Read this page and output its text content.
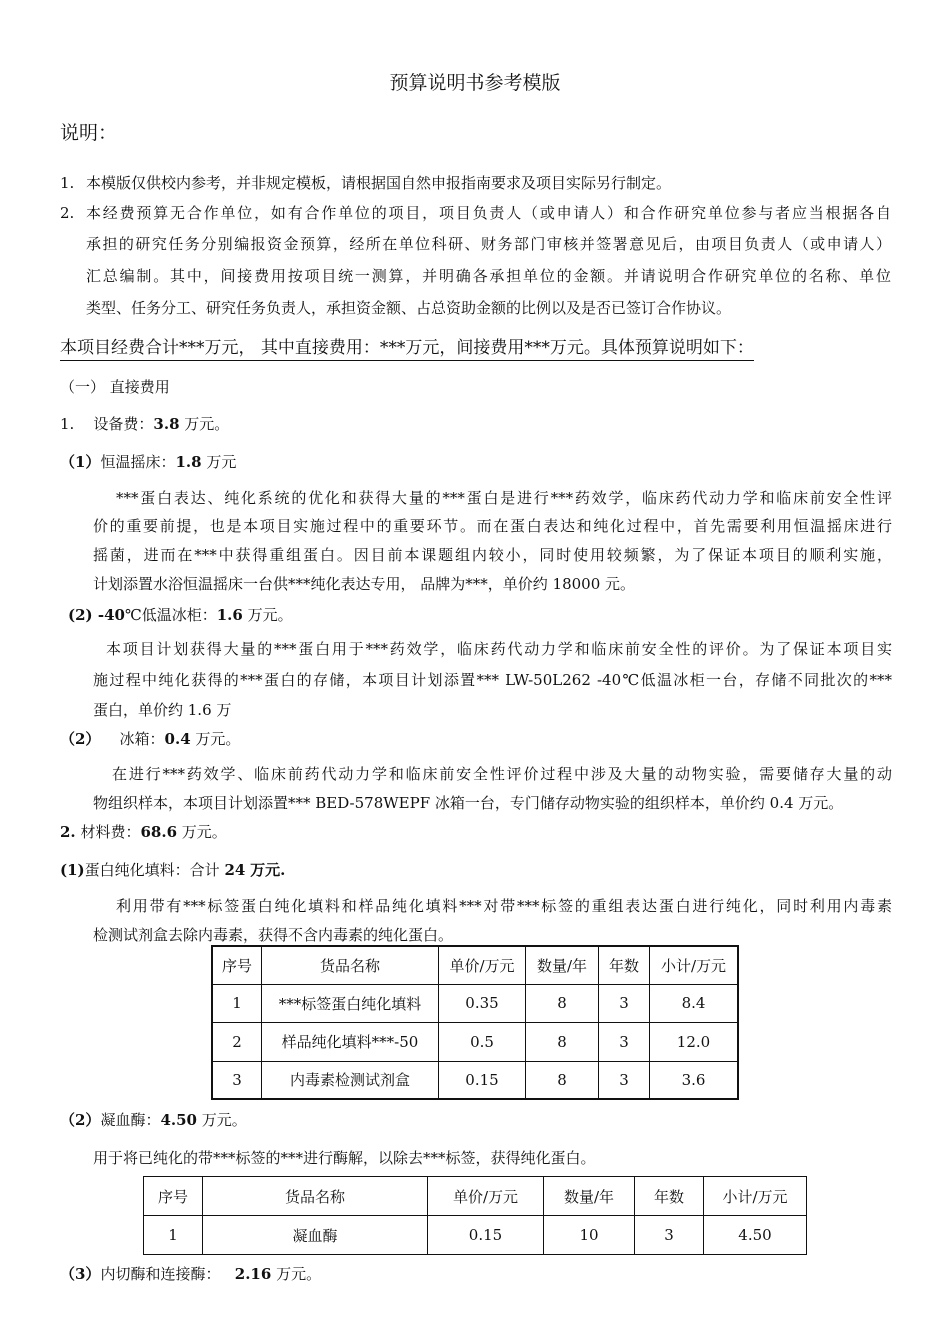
预算说明书参考模版
说明：
1. 本模版仅供校内参考，并非规定模板，请根据国自然申报指南要求及项目实际另行制定。
2. 本经费预算无合作单位，如有合作单位的项目，项目负责人（或申请人）和合作研究单位参与者应当根据各自
承担的研究任务分别编报资金预算，经所在单位科研、财务部门审核并签署意见后，由项目负责人（或申请人）
汇总编制。其中，间接费用按项目统一测算，并明确各承担单位的金额。并请说明合作研究单位的名称、单位
类型、任务分工、研究任务负责人，承担资金额、占总资助金额的比例以及是否已签订合作协议。
本项目经费合计***万元， 其中直接费用：***万元，间接费用***万元。具体预算说明如下：
（一） 直接费用
1. 设备费：3.8 万元。
（1）恒温摇床：1.8 万元
***蛋白表达、纯化系统的优化和获得大量的***蛋白是进行***药效学，临床药代动力学和临床前安全性评
价的重要前提，也是本项目实施过程中的重要环节。而在蛋白表达和纯化过程中，首先需要利用恒温摇床进行
摇菌，进而在***中获得重组蛋白。因目前本课题组内较小，同时使用较频繁，为了保证本项目的顺利实施，
计划添置水浴恒温摇床一台供***纯化表达专用， 品牌为***，单价约 18000 元。
(2) -40℃低温冰柜：1.6 万元。
本项目计划获得大量的***蛋白用于***药效学，临床药代动力学和临床前安全性的评价。为了保证本项目实
施过程中纯化获得的***蛋白的存储，本项目计划添置*** LW-50L262 -40℃低温冰柜一台，存储不同批次的***
蛋白，单价约 1.6 万
（2） 冰箱：0.4 万元。
在进行***药效学、临床前药代动力学和临床前安全性评价过程中涉及大量的动物实验，需要储存大量的动
物组织样本，本项目计划添置*** BED-578WEPF 冰箱一台，专门储存动物实验的组织样本，单价约 0.4 万元。
2. 材料费：68.6 万元。
(1)蛋白纯化填料：合计 24 万元.
利用带有***标签蛋白纯化填料和样品纯化填料***对带***标签的重组表达蛋白进行纯化，同时利用内毒素
检测试剂盒去除内毒素，获得不含内毒素的纯化蛋白。
序号	货品名称	单价/万元	数量/年	年数	小计/万元
1	***标签蛋白纯化填料	0.35	8	3	8.4
2	样品纯化填料***-50	0.5	8	3	12.0
3	内毒素检测试剂盒	0.15	8	3	3.6
（2）凝血酶：4.50 万元。
用于将已纯化的带***标签的***进行酶解，以除去***标签，获得纯化蛋白。
序号	货品名称	单价/万元	数量/年	年数	小计/万元
1	凝血酶	0.15	10	3	4.50
（3）内切酶和连接酶： 2.16 万元。
